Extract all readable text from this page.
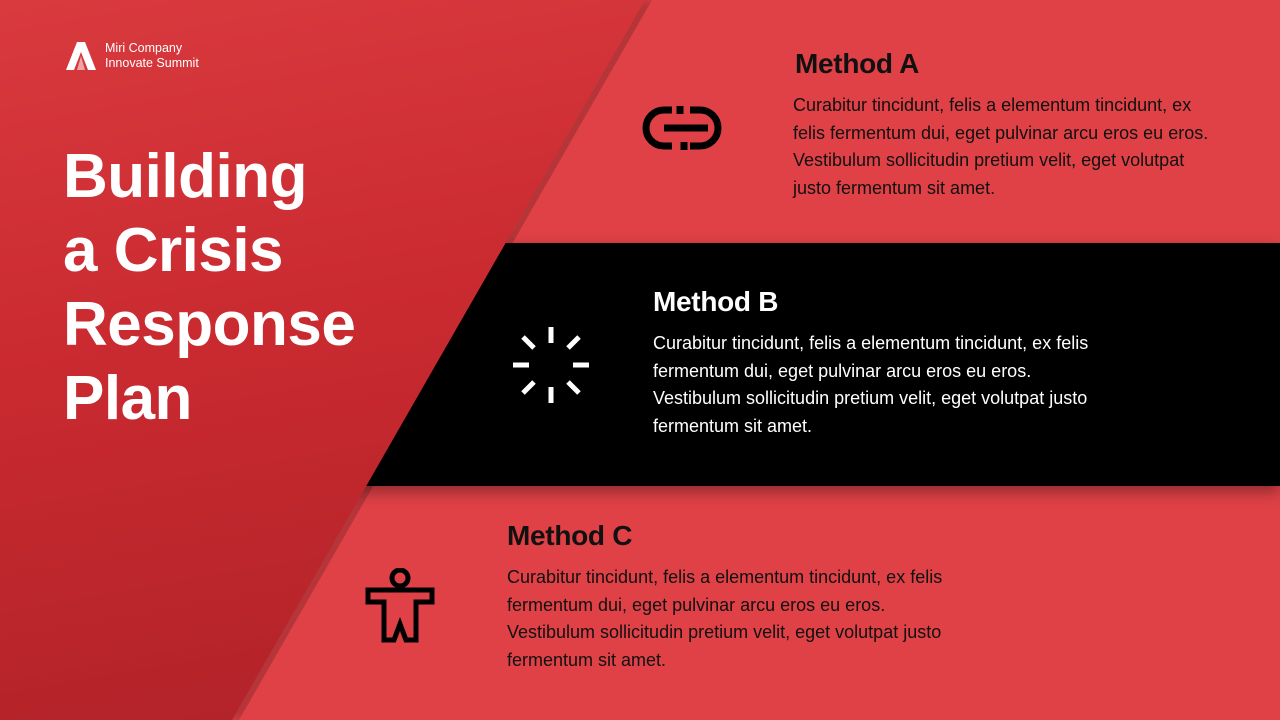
Miri Company
Innovate Summit
Building
a Crisis
Response
Plan
Method A

Curabitur tincidunt, felis a elementum tincidunt, ex felis fermentum dui, eget pulvinar arcu eros eu eros. Vestibulum sollicitudin pretium velit, eget volutpat justo fermentum sit amet.

Method B

Curabitur tincidunt, felis a elementum tincidunt, ex felis fermentum dui, eget pulvinar arcu eros eu eros. Vestibulum sollicitudin pretium velit, eget volutpat justo fermentum sit amet.

Method C

Curabitur tincidunt, felis a elementum tincidunt, ex felis fermentum dui, eget pulvinar arcu eros eu eros. Vestibulum sollicitudin pretium velit, eget volutpat justo fermentum sit amet.
